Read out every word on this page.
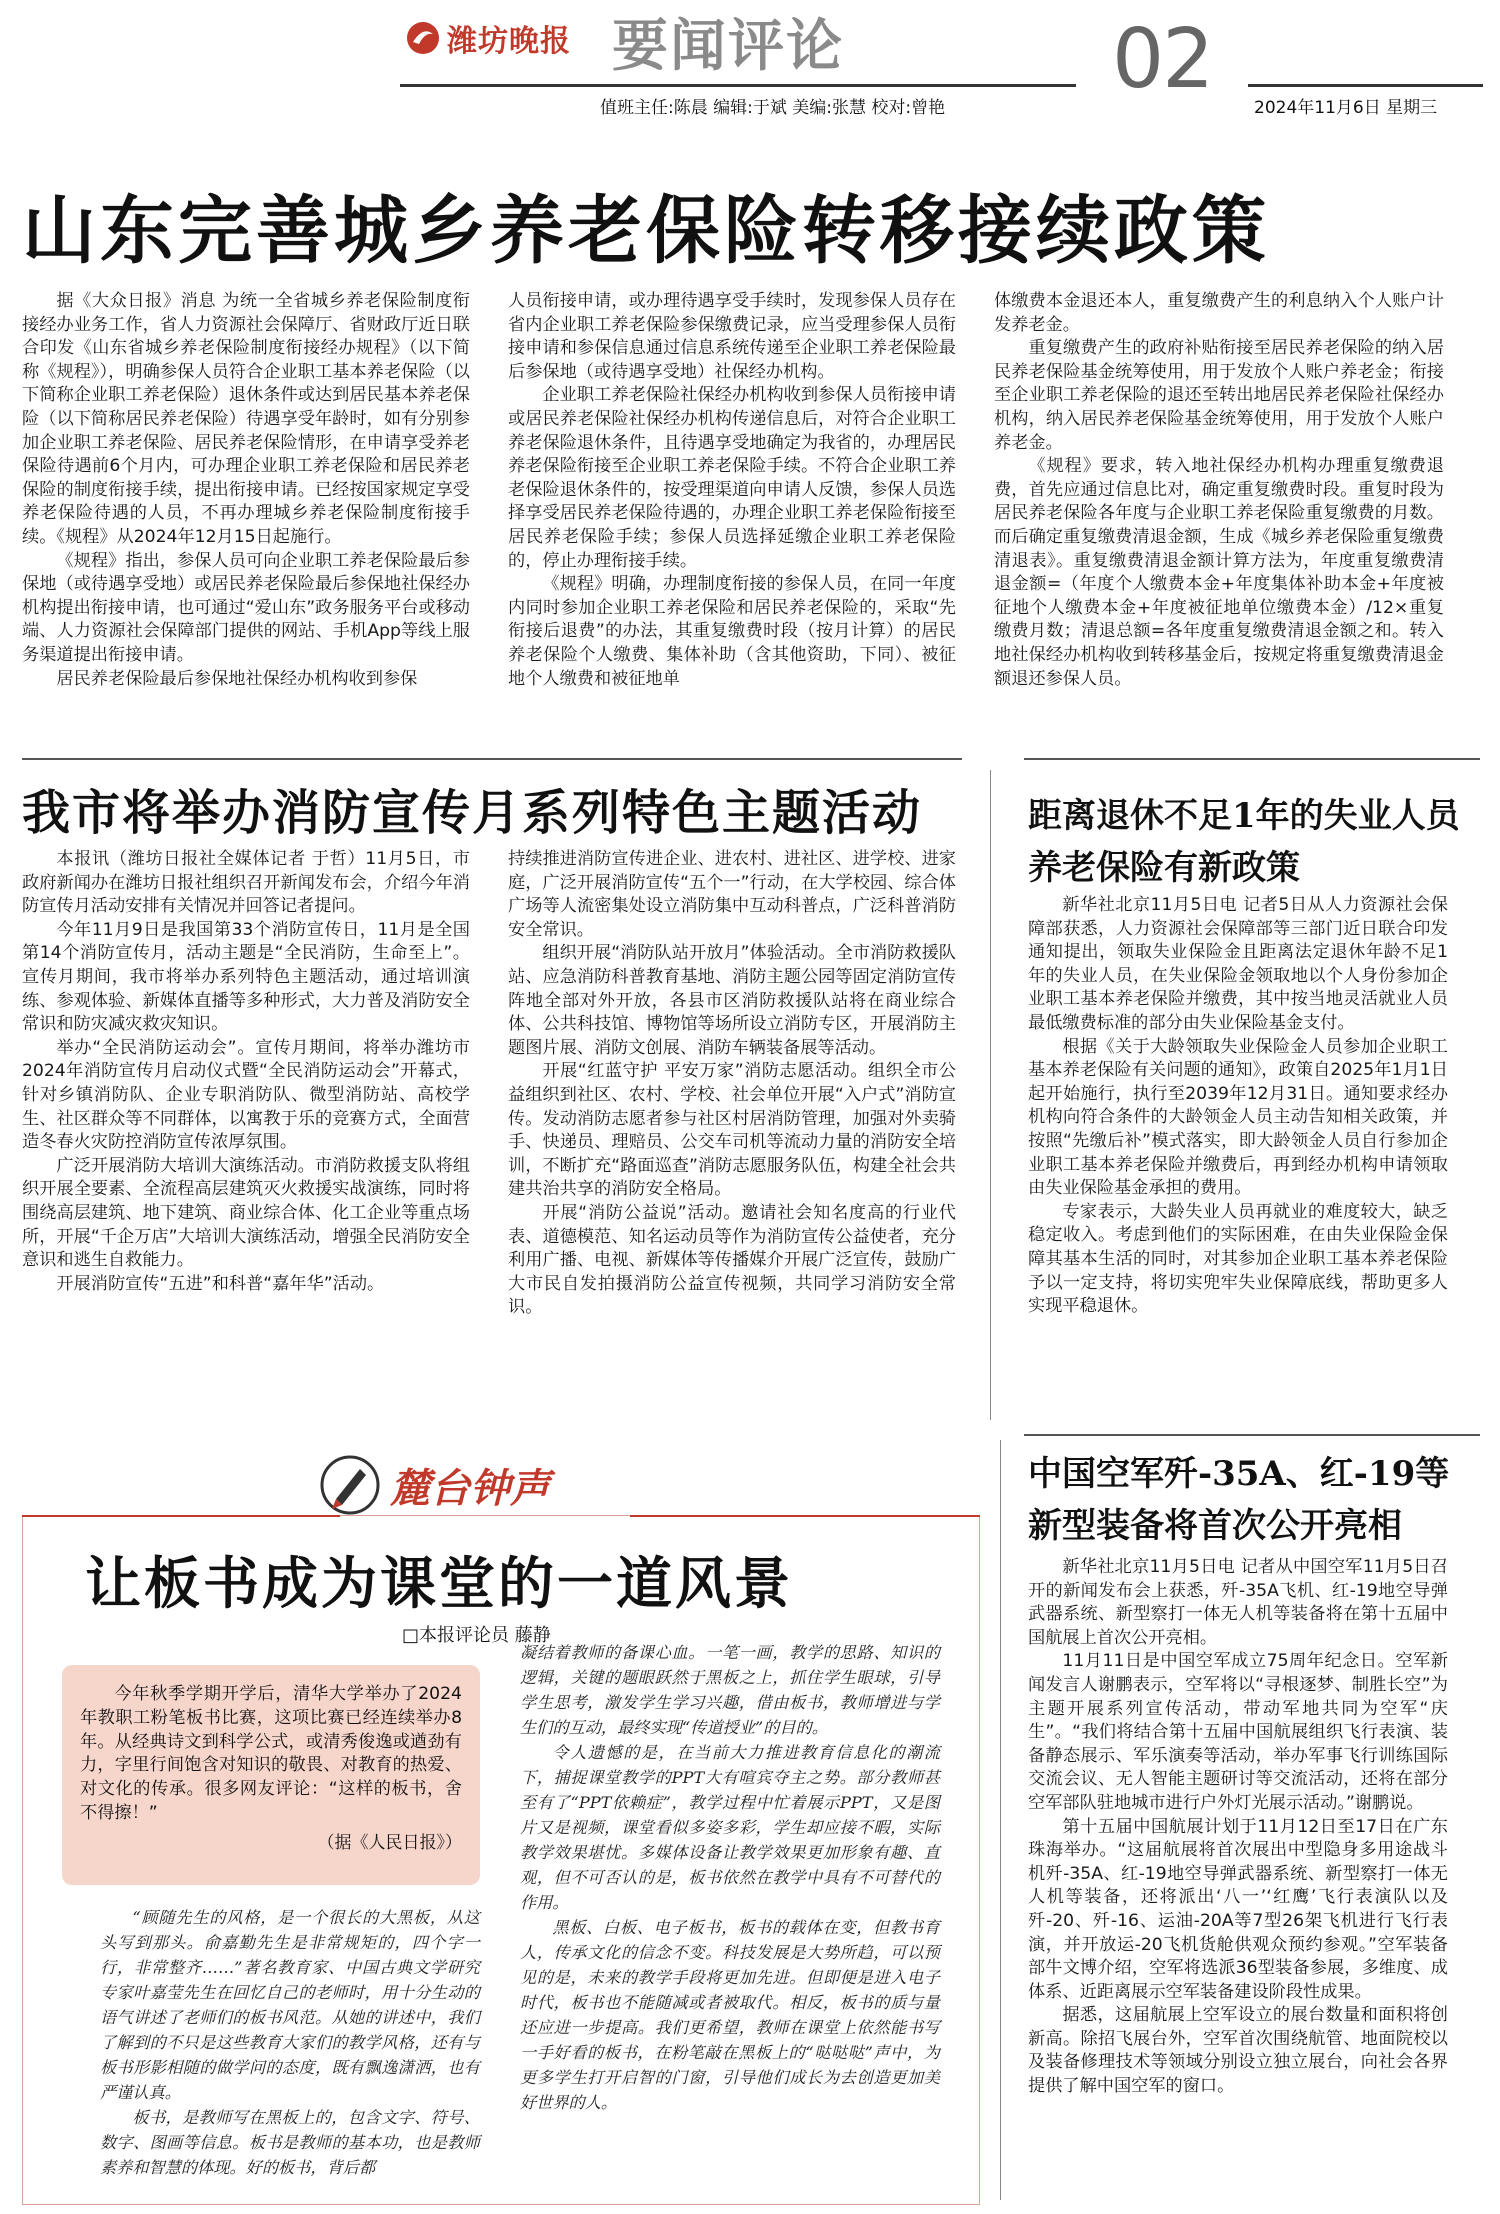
潍坊晚报 要闻评论	02
值班主任:陈晨 编辑:于斌 美编:张慧 校对:曾艳	2024年11月6日 星期三
山东完善城乡养老保险转移接续政策

据《大众日报》消息 为统一全省城乡养老保险制度衔接经办业务工作，省人力资源社会保障厅、省财政厅近日联合印发《山东省城乡养老保险制度衔接经办规程》（以下简称《规程》），明确参保人员符合企业职工基本养老保险（以下简称企业职工养老保险）退休条件或达到居民基本养老保险（以下简称居民养老保险）待遇享受年龄时，如有分别参加企业职工养老保险、居民养老保险情形，在申请享受养老保险待遇前6个月内，可办理企业职工养老保险和居民养老保险的制度衔接手续，提出衔接申请。已经按国家规定享受养老保险待遇的人员，不再办理城乡养老保险制度衔接手续。《规程》从2024年12月15日起施行。

《规程》指出，参保人员可向企业职工养老保险最后参保地（或待遇享受地）或居民养老保险最后参保地社保经办机构提出衔接申请，也可通过“爱山东”政务服务平台或移动端、人力资源社会保障部门提供的网站、手机App等线上服务渠道提出衔接申请。

居民养老保险最后参保地社保经办机构收到参保

人员衔接申请，或办理待遇享受手续时，发现参保人员存在省内企业职工养老保险参保缴费记录，应当受理参保人员衔接申请和参保信息通过信息系统传递至企业职工养老保险最后参保地（或待遇享受地）社保经办机构。

企业职工养老保险社保经办机构收到参保人员衔接申请或居民养老保险社保经办机构传递信息后，对符合企业职工养老保险退休条件，且待遇享受地确定为我省的，办理居民养老保险衔接至企业职工养老保险手续。不符合企业职工养老保险退休条件的，按受理渠道向申请人反馈，参保人员选择享受居民养老保险待遇的，办理企业职工养老保险衔接至居民养老保险手续；参保人员选择延缴企业职工养老保险的，停止办理衔接手续。

《规程》明确，办理制度衔接的参保人员，在同一年度内同时参加企业职工养老保险和居民养老保险的，采取“先衔接后退费”的办法，其重复缴费时段（按月计算）的居民养老保险个人缴费、集体补助（含其他资助，下同）、被征地个人缴费和被征地单

体缴费本金退还本人，重复缴费产生的利息纳入个人账户计发养老金。

重复缴费产生的政府补贴衔接至居民养老保险的纳入居民养老保险基金统筹使用，用于发放个人账户养老金；衔接至企业职工养老保险的退还至转出地居民养老保险社保经办机构，纳入居民养老保险基金统筹使用，用于发放个人账户养老金。

《规程》要求，转入地社保经办机构办理重复缴费退费，首先应通过信息比对，确定重复缴费时段。重复时段为居民养老保险各年度与企业职工养老保险重复缴费的月数。而后确定重复缴费清退金额，生成《城乡养老保险重复缴费清退表》。重复缴费清退金额计算方法为，年度重复缴费清退金额=（年度个人缴费本金+年度集体补助本金+年度被征地个人缴费本金+年度被征地单位缴费本金）/12×重复缴费月数；清退总额=各年度重复缴费清退金额之和。转入地社保经办机构收到转移基金后，按规定将重复缴费清退金额退还参保人员。

我市将举办消防宣传月系列特色主题活动

本报讯（潍坊日报社全媒体记者 于哲）11月5日，市政府新闻办在潍坊日报社组织召开新闻发布会，介绍今年消防宣传月活动安排有关情况并回答记者提问。

今年11月9日是我国第33个消防宣传日，11月是全国第14个消防宣传月，活动主题是“全民消防，生命至上”。宣传月期间，我市将举办系列特色主题活动，通过培训演练、参观体验、新媒体直播等多种形式，大力普及消防安全常识和防灾减灾救灾知识。

举办“全民消防运动会”。宣传月期间，将举办潍坊市2024年消防宣传月启动仪式暨“全民消防运动会”开幕式，针对乡镇消防队、企业专职消防队、微型消防站、高校学生、社区群众等不同群体，以寓教于乐的竞赛方式，全面营造冬春火灾防控消防宣传浓厚氛围。

广泛开展消防大培训大演练活动。市消防救援支队将组织开展全要素、全流程高层建筑灭火救援实战演练，同时将围绕高层建筑、地下建筑、商业综合体、化工企业等重点场所，开展“千企万店”大培训大演练活动，增强全民消防安全意识和逃生自救能力。

开展消防宣传“五进”和科普“嘉年华”活动。

持续推进消防宣传进企业、进农村、进社区、进学校、进家庭，广泛开展消防宣传“五个一”行动，在大学校园、综合体广场等人流密集处设立消防集中互动科普点，广泛科普消防安全常识。

组织开展“消防队站开放月”体验活动。全市消防救援队站、应急消防科普教育基地、消防主题公园等固定消防宣传阵地全部对外开放，各县市区消防救援队站将在商业综合体、公共科技馆、博物馆等场所设立消防专区，开展消防主题图片展、消防文创展、消防车辆装备展等活动。

开展“红蓝守护 平安万家”消防志愿活动。组织全市公益组织到社区、农村、学校、社会单位开展“入户式”消防宣传。发动消防志愿者参与社区村居消防管理，加强对外卖骑手、快递员、理赔员、公交车司机等流动力量的消防安全培训，不断扩充“路面巡查”消防志愿服务队伍，构建全社会共建共治共享的消防安全格局。

开展“消防公益说”活动。邀请社会知名度高的行业代表、道德模范、知名运动员等作为消防宣传公益使者，充分利用广播、电视、新媒体等传播媒介开展广泛宣传，鼓励广大市民自发拍摄消防公益宣传视频，共同学习消防安全常识。

距离退休不足1年的失业人员
养老保险有新政策

新华社北京11月5日电 记者5日从人力资源社会保障部获悉，人力资源社会保障部等三部门近日联合印发通知提出，领取失业保险金且距离法定退休年龄不足1年的失业人员，在失业保险金领取地以个人身份参加企业职工基本养老保险并缴费，其中按当地灵活就业人员最低缴费标准的部分由失业保险基金支付。

根据《关于大龄领取失业保险金人员参加企业职工基本养老保险有关问题的通知》，政策自2025年1月1日起开始施行，执行至2039年12月31日。通知要求经办机构向符合条件的大龄领金人员主动告知相关政策，并按照“先缴后补”模式落实，即大龄领金人员自行参加企业职工基本养老保险并缴费后，再到经办机构申请领取由失业保险基金承担的费用。

专家表示，大龄失业人员再就业的难度较大，缺乏稳定收入。考虑到他们的实际困难，在由失业保险金保障其基本生活的同时，对其参加企业职工基本养老保险予以一定支持，将切实兜牢失业保障底线，帮助更多人实现平稳退休。

中国空军歼-35A、红-19等
新型装备将首次公开亮相

新华社北京11月5日电 记者从中国空军11月5日召开的新闻发布会上获悉，歼-35A飞机、红-19地空导弹武器系统、新型察打一体无人机等装备将在第十五届中国航展上首次公开亮相。

11月11日是中国空军成立75周年纪念日。空军新闻发言人谢鹏表示，空军将以“寻根逐梦、制胜长空”为主题开展系列宣传活动，带动军地共同为空军“庆生”。“我们将结合第十五届中国航展组织飞行表演、装备静态展示、军乐演奏等活动，举办军事飞行训练国际交流会议、无人智能主题研讨等交流活动，还将在部分空军部队驻地城市进行户外灯光展示活动。”谢鹏说。

第十五届中国航展计划于11月12日至17日在广东珠海举办。“这届航展将首次展出中型隐身多用途战斗机歼-35A、红-19地空导弹武器系统、新型察打一体无人机等装备，还将派出‘八一’‘红鹰’飞行表演队以及歼-20、歼-16、运油-20A等7型26架飞机进行飞行表演，并开放运-20飞机货舱供观众预约参观。”空军装备部牛文博介绍，空军将选派36型装备参展，多维度、成体系、近距离展示空军装备建设阶段性成果。

据悉，这届航展上空军设立的展台数量和面积将创新高。除招飞展台外，空军首次围绕航管、地面院校以及装备修理技术等领域分别设立独立展台，向社会各界提供了解中国空军的窗口。

麓台钟声
让板书成为课堂的一道风景
□本报评论员 藤静

今年秋季学期开学后，清华大学举办了2024年教职工粉笔板书比赛，这项比赛已经连续举办8年。从经典诗文到科学公式，或清秀俊逸或遒劲有力，字里行间饱含对知识的敬畏、对教育的热爱、对文化的传承。很多网友评论：“这样的板书，舍不得擦！”

（据《人民日报》）

“顾随先生的风格，是一个很长的大黑板，从这头写到那头。俞嘉勤先生是非常规矩的，四个字一行，非常整齐……”著名教育家、中国古典文学研究专家叶嘉莹先生在回忆自己的老师时，用十分生动的语气讲述了老师们的板书风范。从她的讲述中，我们了解到的不只是这些教育大家们的教学风格，还有与板书形影相随的做学问的态度，既有飘逸潇洒，也有严谨认真。

板书，是教师写在黑板上的，包含文字、符号、数字、图画等信息。板书是教师的基本功，也是教师素养和智慧的体现。好的板书，背后都

凝结着教师的备课心血。一笔一画，教学的思路、知识的逻辑，关键的题眼跃然于黑板之上，抓住学生眼球，引导学生思考，激发学生学习兴趣，借由板书，教师增进与学生们的互动，最终实现“传道授业”的目的。

令人遗憾的是，在当前大力推进教育信息化的潮流下，捕捉课堂教学的PPT大有喧宾夺主之势。部分教师甚至有了“PPT依赖症”，教学过程中忙着展示PPT，又是图片又是视频，课堂看似多姿多彩，学生却应接不暇，实际教学效果堪忧。多媒体设备让教学效果更加形象有趣、直观，但不可否认的是，板书依然在教学中具有不可替代的作用。

黑板、白板、电子板书，板书的载体在变，但教书育人，传承文化的信念不变。科技发展是大势所趋，可以预见的是，未来的教学手段将更加先进。但即便是进入电子时代，板书也不能随减或者被取代。相反，板书的质与量还应进一步提高。我们更希望，教师在课堂上依然能书写一手好看的板书，在粉笔敲在黑板上的“哒哒哒”声中，为更多学生打开启智的门窗，引导他们成长为去创造更加美好世界的人。
